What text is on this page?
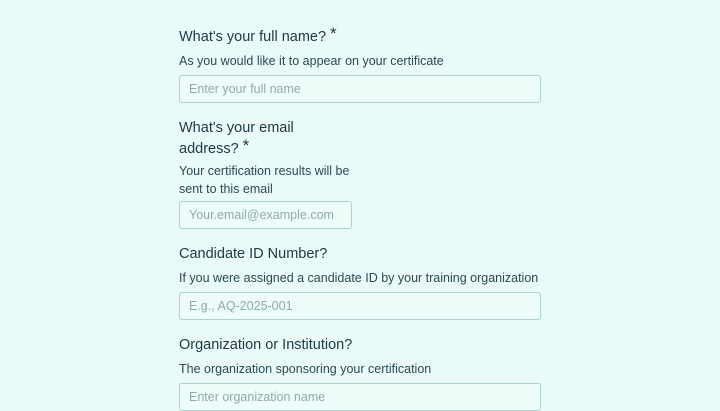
What's your full name? *

As you would like it to appear on your certificate

Enter your full name

What's your email
address? *

Your certification results will be
sent to this email

Your.email@example.com

Candidate ID Number?

If you were assigned a candidate ID by your training organization

E.g., AQ-2025-001

Organization or Institution?

The organization sponsoring your certification

Enter organization name
